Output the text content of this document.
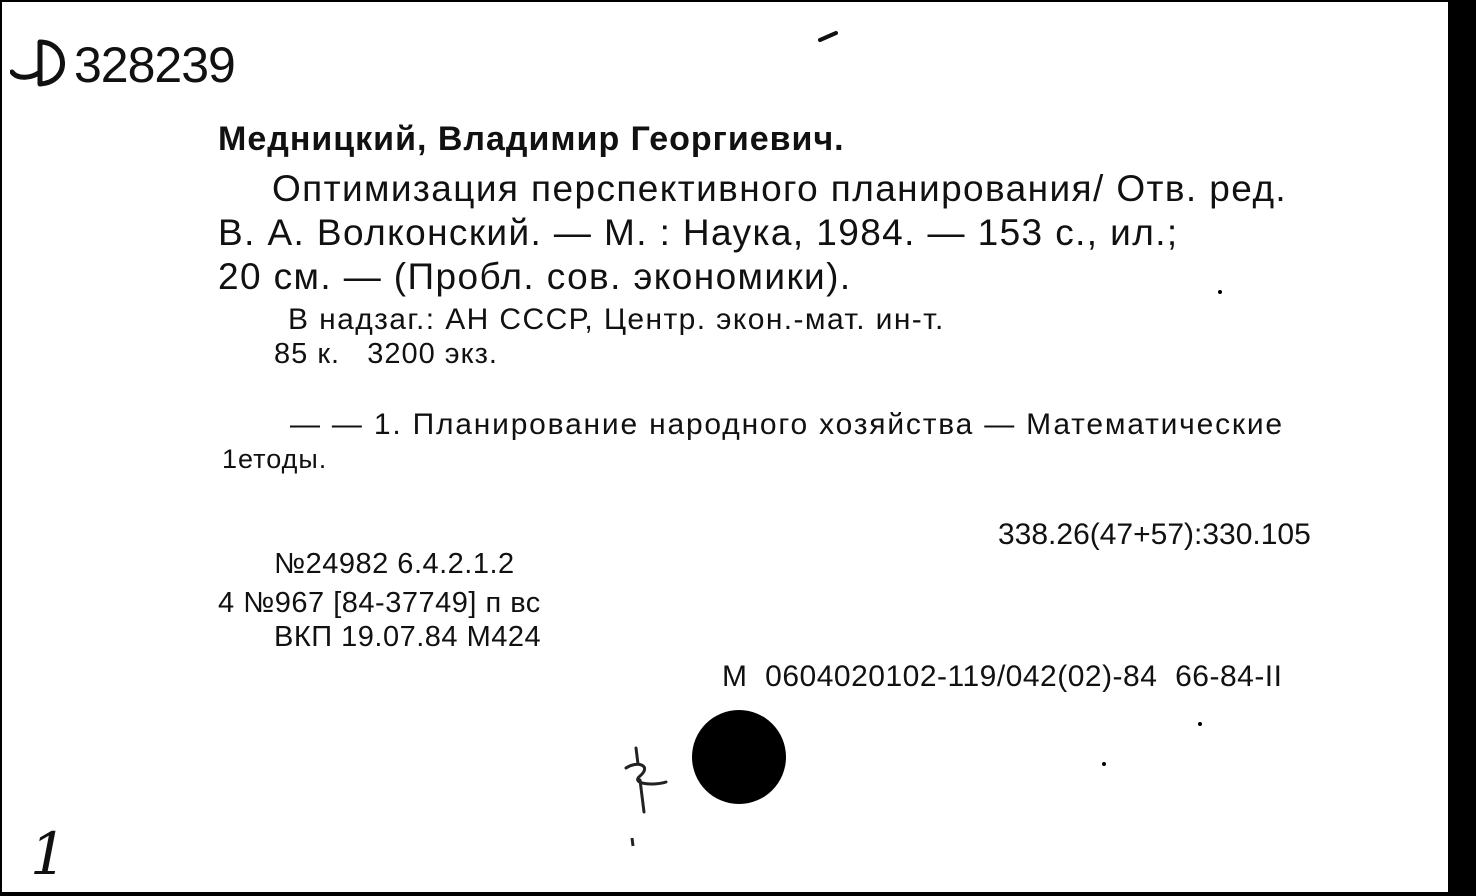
328239
Медницкий, Владимир Георгиевич.
Оптимизация перспективного планирования/ Отв. ред.
В. А. Волконский. — М. : Наука, 1984. — 153 с., ил.;
20 см. — (Пробл. сов. экономики).
В надзаг.: АН СССР, Центр. экон.-мат. ин-т.
85 к.   3200 экз.
— — 1. Планирование народного хозяйства — Математические
1етоды.
338.26(47+57):330.105
№24982 6.4.2.1.2
4 №967 [84-37749] п вс
ВКП 19.07.84 М424
М  0604020102-119/042(02)-84  66-84-II
1
